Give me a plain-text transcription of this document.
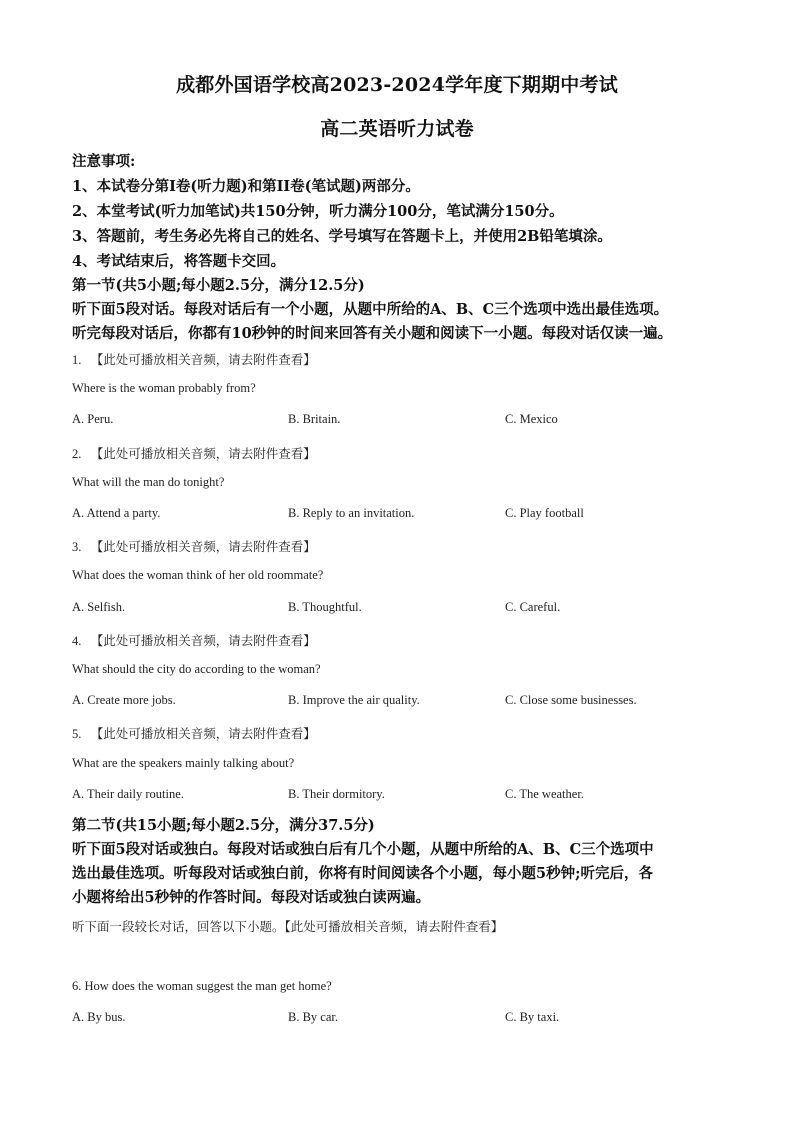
成都外国语学校高2023-2024学年度下期期中考试
高二英语听力试卷
注意事项:
1、本试卷分第I卷(听力题)和第II卷(笔试题)两部分。
2、本堂考试(听力加笔试)共150分钟，听力满分100分，笔试满分150分。
3、答题前，考生务必先将自己的姓名、学号填写在答题卡上，并使用2B铅笔填涂。
4、考试结束后，将答题卡交回。
第一节(共5小题;每小题2.5分，满分12.5分)
听下面5段对话。每段对话后有一个小题，从题中所给的A、B、C三个选项中选出最佳选项。
听完每段对话后，你都有10秒钟的时间来回答有关小题和阅读下一小题。每段对话仅读一遍。
1. 【此处可播放相关音频，请去附件查看】
Where is the woman probably from?
A. Peru.	B. Britain.	C. Mexico
2. 【此处可播放相关音频，请去附件查看】
What will the man do tonight?
A. Attend a party.	B. Reply to an invitation.	C. Play football
3. 【此处可播放相关音频，请去附件查看】
What does the woman think of her old roommate?
A. Selfish.	B. Thoughtful.	C. Careful.
4. 【此处可播放相关音频，请去附件查看】
What should the city do according to the woman?
A. Create more jobs.	B. Improve the air quality.	C. Close some businesses.
5. 【此处可播放相关音频，请去附件查看】
What are the speakers mainly talking about?
A. Their daily routine.	B. Their dormitory.	C. The weather.
第二节(共15小题;每小题2.5分，满分37.5分)
听下面5段对话或独白。每段对话或独白后有几个小题，从题中所给的A、B、C三个选项中
选出最佳选项。听每段对话或独白前，你将有时间阅读各个小题，每小题5秒钟;听完后，各
小题将给出5秒钟的作答时间。每段对话或独白读两遍。
听下面一段较长对话，回答以下小题。【此处可播放相关音频，请去附件查看】
6. How does the woman suggest the man get home?
A. By bus.	B. By car.	C. By taxi.
